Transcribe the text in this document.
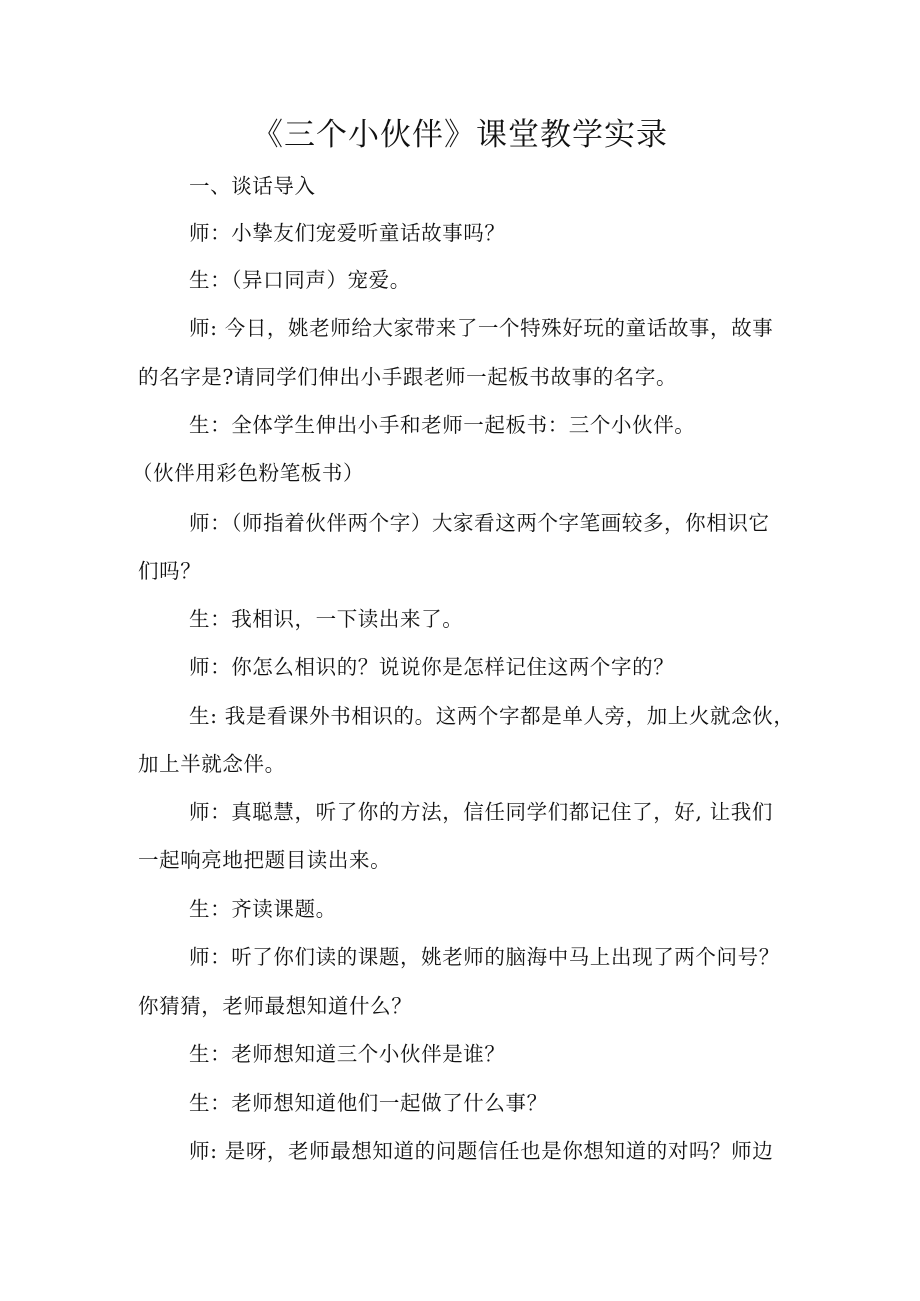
《三个小伙伴》课堂教学实录
一、谈话导入
师：小挚友们宠爱听童话故事吗？
生：（异口同声）宠爱。
师: 今日，姚老师给大家带来了一个特殊好玩的童话故事，故事
的名字是?请同学们伸出小手跟老师一起板书故事的名字。
生：全体学生伸出小手和老师一起板书：三个小伙伴。
（伙伴用彩色粉笔板书）
师：（师指着伙伴两个字）大家看这两个字笔画较多，你相识它
们吗？
生：我相识，一下读出来了。
师：你怎么相识的？说说你是怎样记住这两个字的？
生: 我是看课外书相识的。这两个字都是单人旁，加上火就念伙，
加上半就念伴。
师：真聪慧，听了你的方法，信任同学们都记住了，好, 让我们
一起响亮地把题目读出来。
生：齐读课题。
师：听了你们读的课题，姚老师的脑海中马上出现了两个问号？
你猜猜，老师最想知道什么？
生：老师想知道三个小伙伴是谁？
生：老师想知道他们一起做了什么事？
师: 是呀，老师最想知道的问题信任也是你想知道的对吗？师边
